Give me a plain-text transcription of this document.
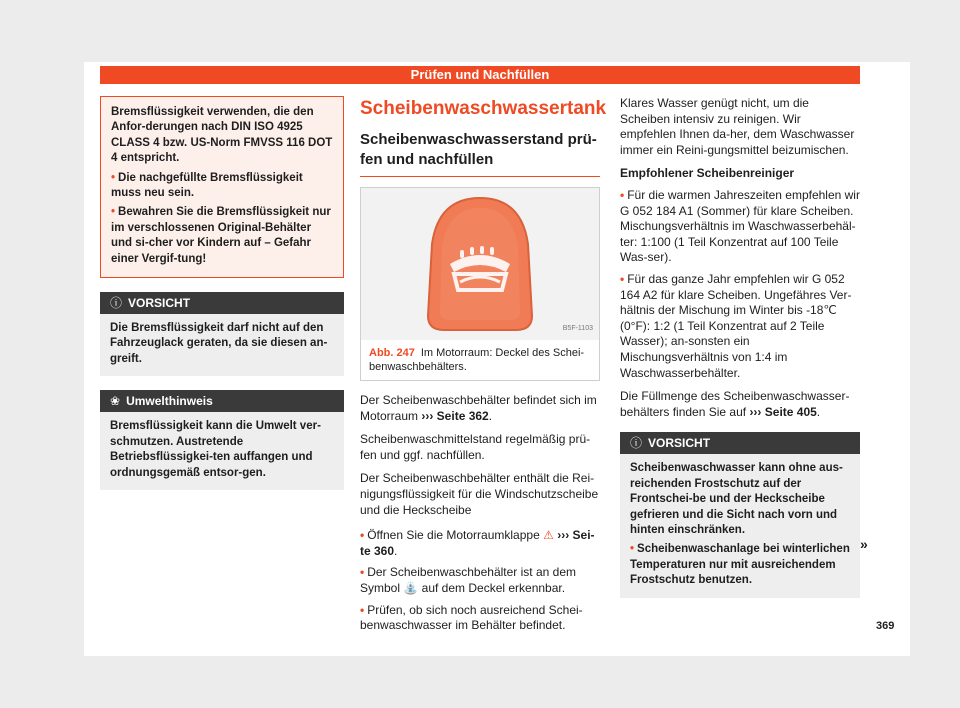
Prüfen und Nachfüllen

Bremsflüssigkeit verwenden, die den Anfor-derungen nach DIN ISO 4925 CLASS 4 bzw. US-Norm FMVSS 116 DOT 4 entspricht.

• Die nachgefüllte Bremsflüssigkeit muss neu sein.

• Bewahren Sie die Bremsflüssigkeit nur im verschlossenen Original-Behälter und si-cher vor Kindern auf – Gefahr einer Vergif-tung!

ⓘ VORSICHT
Die Bremsflüssigkeit darf nicht auf den Fahrzeuglack geraten, da sie diesen an-greift.
❀ Umwelthinweis
Bremsflüssigkeit kann die Umwelt ver-schmutzen. Austretende Betriebsflüssigkei-ten auffangen und ordnungsgemäß entsor-gen.
Scheibenwaschwassertank
Scheibenwaschwasserstand prü-fen und nachfüllen
B5F-1103
Abb. 247 Im Motorraum: Deckel des Schei-benwaschbehälters.

Der Scheibenwaschbehälter befindet sich im Motorraum ››› Seite 362.

Scheibenwaschmittelstand regelmäßig prü-fen und ggf. nachfüllen.

Der Scheibenwaschbehälter enthält die Rei-nigungsflüssigkeit für die Windschutzscheibe und die Heckscheibe

• Öffnen Sie die Motorraumklappe ⚠ ››› Sei-te 360.

• Der Scheibenwaschbehälter ist an dem Symbol ⛲ auf dem Deckel erkennbar.

• Prüfen, ob sich noch ausreichend Schei-benwaschwasser im Behälter befindet.

Klares Wasser genügt nicht, um die Scheiben intensiv zu reinigen. Wir empfehlen Ihnen da-her, dem Waschwasser immer ein Reini-gungsmittel beizumischen.

Empfohlener Scheibenreiniger

• Für die warmen Jahreszeiten empfehlen wir G 052 184 A1 (Sommer) für klare Scheiben. Mischungsverhältnis im Waschwasserbehäl-ter: 1:100 (1 Teil Konzentrat auf 100 Teile Was-ser).

• Für das ganze Jahr empfehlen wir G 052 164 A2 für klare Scheiben. Ungefähres Ver-hältnis der Mischung im Winter bis -18℃ (0°F): 1:2 (1 Teil Konzentrat auf 2 Teile Wasser); an-sonsten ein Mischungsverhältnis von 1:4 im Waschwasserbehälter.

Die Füllmenge des Scheibenwaschwasser-behälters finden Sie auf ››› Seite 405.

ⓘ VORSICHT

Scheibenwaschwasser kann ohne aus-reichenden Frostschutz auf der Frontschei-be und der Heckscheibe gefrieren und die Sicht nach vorn und hinten einschränken.

• Scheibenwaschanlage bei winterlichen Temperaturen nur mit ausreichendem Frostschutz benutzen.

»
369
